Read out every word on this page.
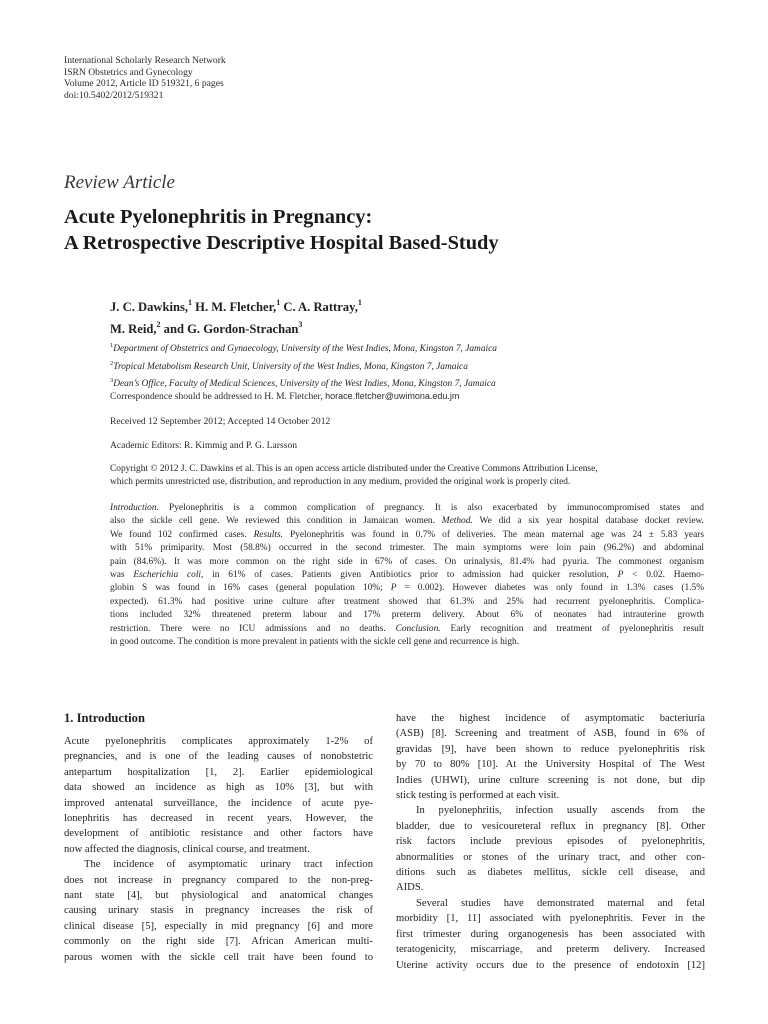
International Scholarly Research Network
ISRN Obstetrics and Gynecology
Volume 2012, Article ID 519321, 6 pages
doi:10.5402/2012/519321
Review Article
Acute Pyelonephritis in Pregnancy:
A Retrospective Descriptive Hospital Based-Study
J. C. Dawkins,$^1$ H. M. Fletcher,$^1$ C. A. Rattray,$^1$
M. Reid,$^2$ and G. Gordon-Strachan$^3$
$^1$Department of Obstetrics and Gynaecology, University of the West Indies, Mona, Kingston 7, Jamaica
$^2$Tropical Metabolism Research Unit, University of the West Indies, Mona, Kingston 7, Jamaica
$^3$Dean’s Office, Faculty of Medical Sciences, University of the West Indies, Mona, Kingston 7, Jamaica
Correspondence should be addressed to H. M. Fletcher, horace.fletcher@uwimona.edu.jm
Received 12 September 2012; Accepted 14 October 2012
Academic Editors: R. Kimmig and P. G. Larsson
Copyright © 2012 J. C. Dawkins et al. This is an open access article distributed under the Creative Commons Attribution License,
which permits unrestricted use, distribution, and reproduction in any medium, provided the original work is properly cited.
Introduction. Pyelonephritis is a common complication of pregnancy. It is also exacerbated by immunocompromised states and
also the sickle cell gene. We reviewed this condition in Jamaican women. Method. We did a six year hospital database docket review.
We found 102 confirmed cases. Results. Pyelonephritis was found in 0.7% of deliveries. The mean maternal age was 24 ± 5.83 years
with 51% primiparity. Most (58.8%) occurred in the second trimester. The main symptoms were loin pain (96.2%) and abdominal
pain (84.6%). It was more common on the right side in 67% of cases. On urinalysis, 81.4% had pyuria. The commonest organism
was Escherichia coli, in 61% of cases. Patients given Antibiotics prior to admission had quicker resolution, P < 0.02. Haemo-
globin S was found in 16% cases (general population 10%; P = 0.002). However diabetes was only found in 1.3% cases (1.5%
expected). 61.3% had positive urine culture after treatment showed that 61.3% and 25% had recurrent pyelonephritis. Complica-
tions included 32% threatened preterm labour and 17% preterm delivery. About 6% of neonates had intrauterine growth
restriction. There were no ICU admissions and no deaths. Conclusion. Early recognition and treatment of pyelonephritis result
in good outcome. The condition is more prevalent in patients with the sickle cell gene and recurrence is high.
1. Introduction
Acute pyelonephritis complicates approximately 1-2% of
pregnancies, and is one of the leading causes of nonobstetric
antepartum hospitalization [1, 2]. Earlier epidemiological
data showed an incidence as high as 10% [3], but with
improved antenatal surveillance, the incidence of acute pye-
lonephritis has decreased in recent years. However, the
development of antibiotic resistance and other factors have
now affected the diagnosis, clinical course, and treatment.
The incidence of asymptomatic urinary tract infection
does not increase in pregnancy compared to the non-preg-
nant state [4], but physiological and anatomical changes
causing urinary stasis in pregnancy increases the risk of
clinical disease [5], especially in mid pregnancy [6] and more
commonly on the right side [7]. African American multi-
parous women with the sickle cell trait have been found to
have the highest incidence of asymptomatic bacteriuria
(ASB) [8]. Screening and treatment of ASB, found in 6% of
gravidas [9], have been shown to reduce pyelonephritis risk
by 70 to 80% [10]. At the University Hospital of The West
Indies (UHWI), urine culture screening is not done, but dip
stick testing is performed at each visit.
In pyelonephritis, infection usually ascends from the
bladder, due to vesicoureteral reflux in pregnancy [8]. Other
risk factors include previous episodes of pyelonephritis,
abnormalities or stones of the urinary tract, and other con-
ditions such as diabetes mellitus, sickle cell disease, and
AIDS.
Several studies have demonstrated maternal and fetal
morbidity [1, 11] associated with pyelonephritis. Fever in the
first trimester during organogenesis has been associated with
teratogenicity, miscarriage, and preterm delivery. Increased
Uterine activity occurs due to the presence of endotoxin [12]
